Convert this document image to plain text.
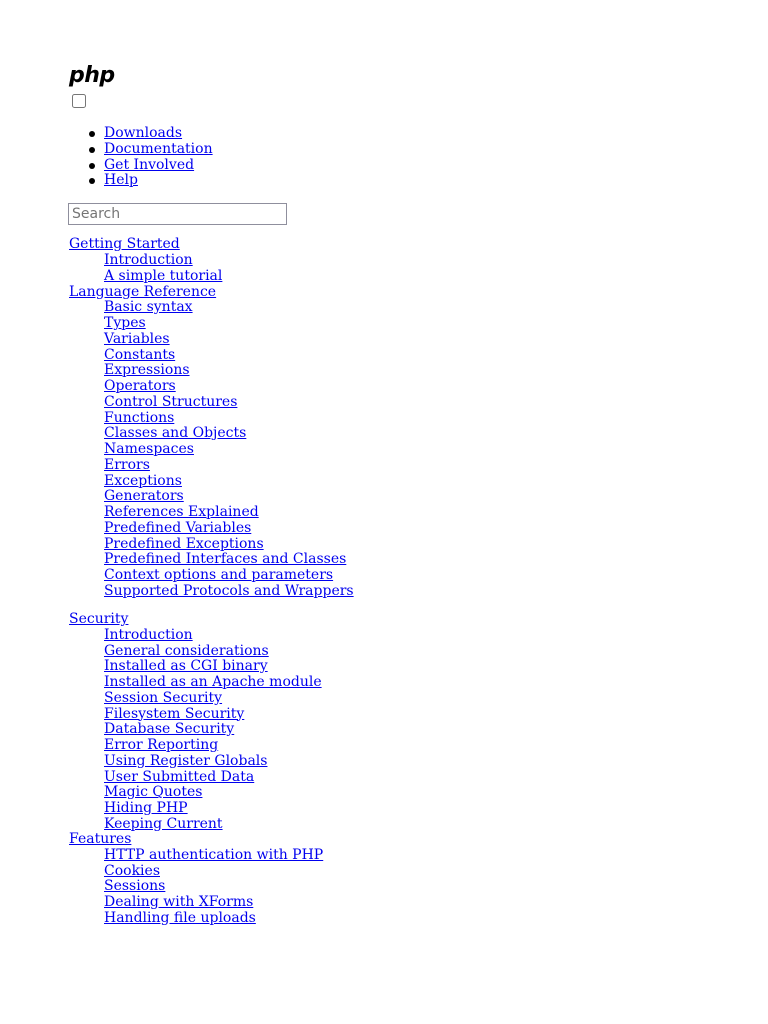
php
Downloads
Documentation
Get Involved
Help
Search
Getting Started
Introduction
A simple tutorial
Language Reference
Basic syntax
Types
Variables
Constants
Expressions
Operators
Control Structures
Functions
Classes and Objects
Namespaces
Errors
Exceptions
Generators
References Explained
Predefined Variables
Predefined Exceptions
Predefined Interfaces and Classes
Context options and parameters
Supported Protocols and Wrappers
Security
Introduction
General considerations
Installed as CGI binary
Installed as an Apache module
Session Security
Filesystem Security
Database Security
Error Reporting
Using Register Globals
User Submitted Data
Magic Quotes
Hiding PHP
Keeping Current
Features
HTTP authentication with PHP
Cookies
Sessions
Dealing with XForms
Handling file uploads
